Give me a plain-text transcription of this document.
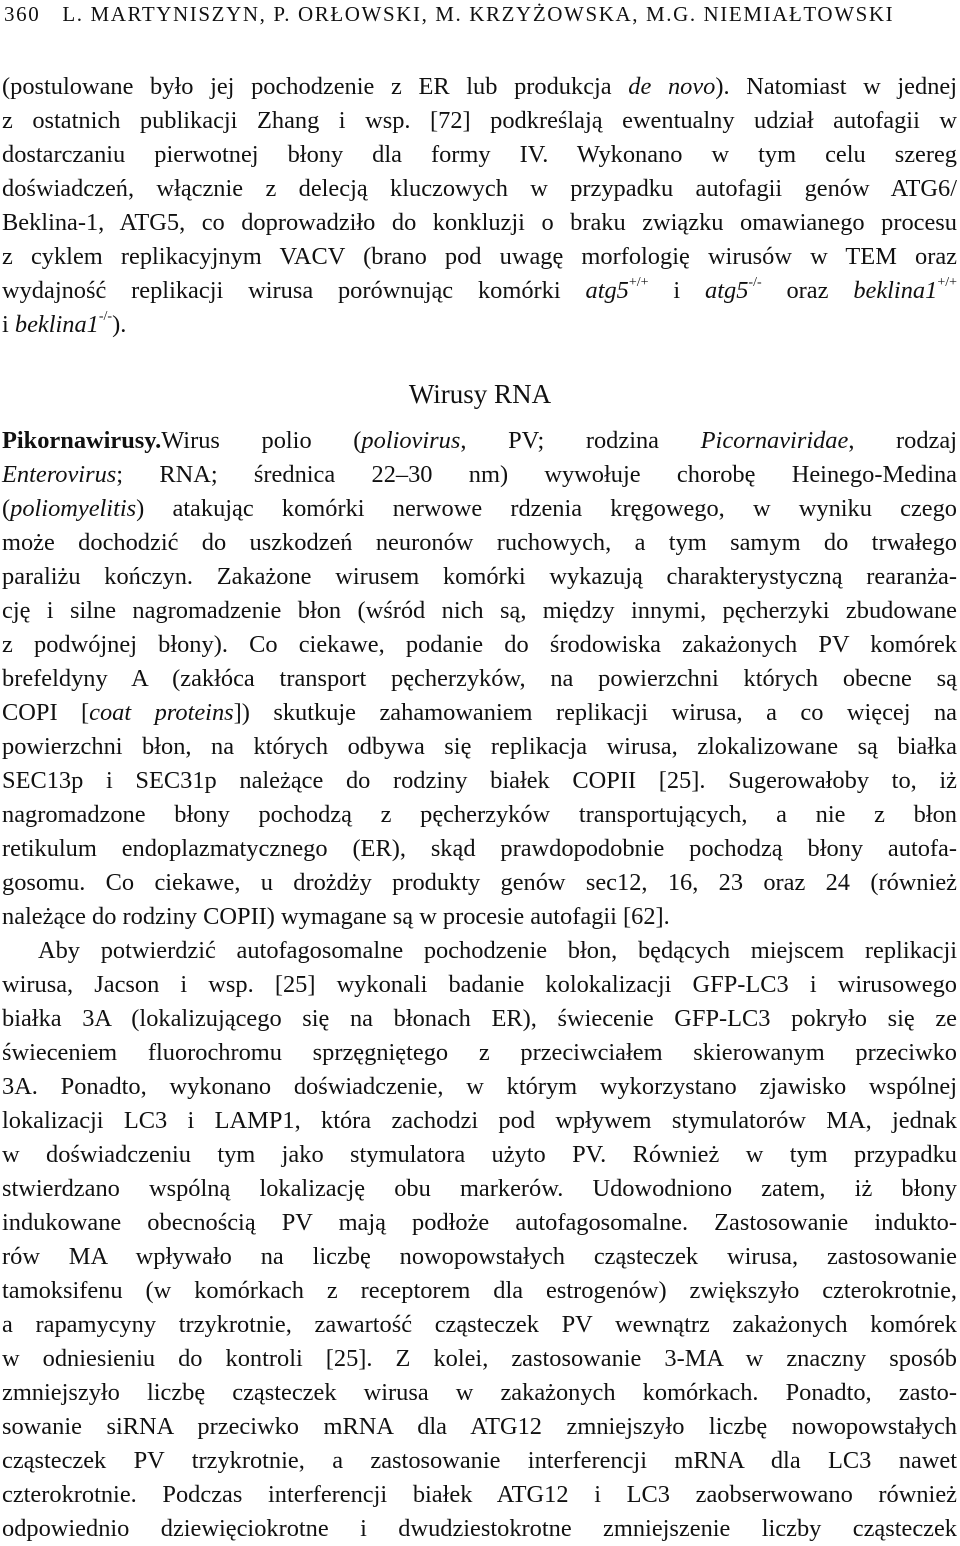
360 L. MARTYNISZYN, P. ORŁOWSKI, M. KRZYŻOWSKA, M.G. NIEMIAŁTOWSKI
(postulowane było jej pochodzenie z ER lub produkcja de novo). Natomiast w jednej
z ostatnich publikacji Zhang i wsp. [72] podkreślają ewentualny udział autofagii w
dostarczaniu pierwotnej błony dla formy IV. Wykonano w tym celu szereg
doświadczeń, włącznie z delecją kluczowych w przypadku autofagii genów ATG6/
Beklina-1, ATG5, co doprowadziło do konkluzji o braku związku omawianego procesu
z cyklem replikacyjnym VACV (brano pod uwagę morfologię wirusów w TEM oraz
wydajność replikacji wirusa porównując komórki atg5+/+ i atg5-/- oraz beklina1+/+
i beklina1-/-).
Wirusy RNA
Pikornawirusy.Wirus polio (poliovirus, PV; rodzina Picornaviridae, rodzaj
Enterovirus; RNA; średnica 22–30 nm) wywołuje chorobę Heinego-Medina
(poliomyelitis) atakując komórki nerwowe rdzenia kręgowego, w wyniku czego
może dochodzić do uszkodzeń neuronów ruchowych, a tym samym do trwałego
paraliżu kończyn. Zakażone wirusem komórki wykazują charakterystyczną rearanża-
cję i silne nagromadzenie błon (wśród nich są, między innymi, pęcherzyki zbudowane
z podwójnej błony). Co ciekawe, podanie do środowiska zakażonych PV komórek
brefeldyny A (zakłóca transport pęcherzyków, na powierzchni których obecne są
COPI [coat proteins]) skutkuje zahamowaniem replikacji wirusa, a co więcej na
powierzchni błon, na których odbywa się replikacja wirusa, zlokalizowane są białka
SEC13p i SEC31p należące do rodziny białek COPII [25]. Sugerowałoby to, iż
nagromadzone błony pochodzą z pęcherzyków transportujących, a nie z błon
retikulum endoplazmatycznego (ER), skąd prawdopodobnie pochodzą błony autofa-
gosomu. Co ciekawe, u drożdży produkty genów sec12, 16, 23 oraz 24 (również
należące do rodziny COPII) wymagane są w procesie autofagii [62].
Aby potwierdzić autofagosomalne pochodzenie błon, będących miejscem replikacji
wirusa, Jacson i wsp. [25] wykonali badanie kolokalizacji GFP-LC3 i wirusowego
białka 3A (lokalizującego się na błonach ER), świecenie GFP-LC3 pokryło się ze
świeceniem fluorochromu sprzęgniętego z przeciwciałem skierowanym przeciwko
3A. Ponadto, wykonano doświadczenie, w którym wykorzystano zjawisko wspólnej
lokalizacji LC3 i LAMP1, która zachodzi pod wpływem stymulatorów MA, jednak
w doświadczeniu tym jako stymulatora użyto PV. Również w tym przypadku
stwierdzano wspólną lokalizację obu markerów. Udowodniono zatem, iż błony
indukowane obecnością PV mają podłoże autofagosomalne. Zastosowanie indukto-
rów MA wpływało na liczbę nowopowstałych cząsteczek wirusa, zastosowanie
tamoksifenu (w komórkach z receptorem dla estrogenów) zwiększyło czterokrotnie,
a rapamycyny trzykrotnie, zawartość cząsteczek PV wewnątrz zakażonych komórek
w odniesieniu do kontroli [25]. Z kolei, zastosowanie 3-MA w znaczny sposób
zmniejszyło liczbę cząsteczek wirusa w zakażonych komórkach. Ponadto, zasto-
sowanie siRNA przeciwko mRNA dla ATG12 zmniejszyło liczbę nowopowstałych
cząsteczek PV trzykrotnie, a zastosowanie interferencji mRNA dla LC3 nawet
czterokrotnie. Podczas interferencji białek ATG12 i LC3 zaobserwowano również
odpowiednio dziewięciokrotne i dwudziestokrotne zmniejszenie liczby cząsteczek
